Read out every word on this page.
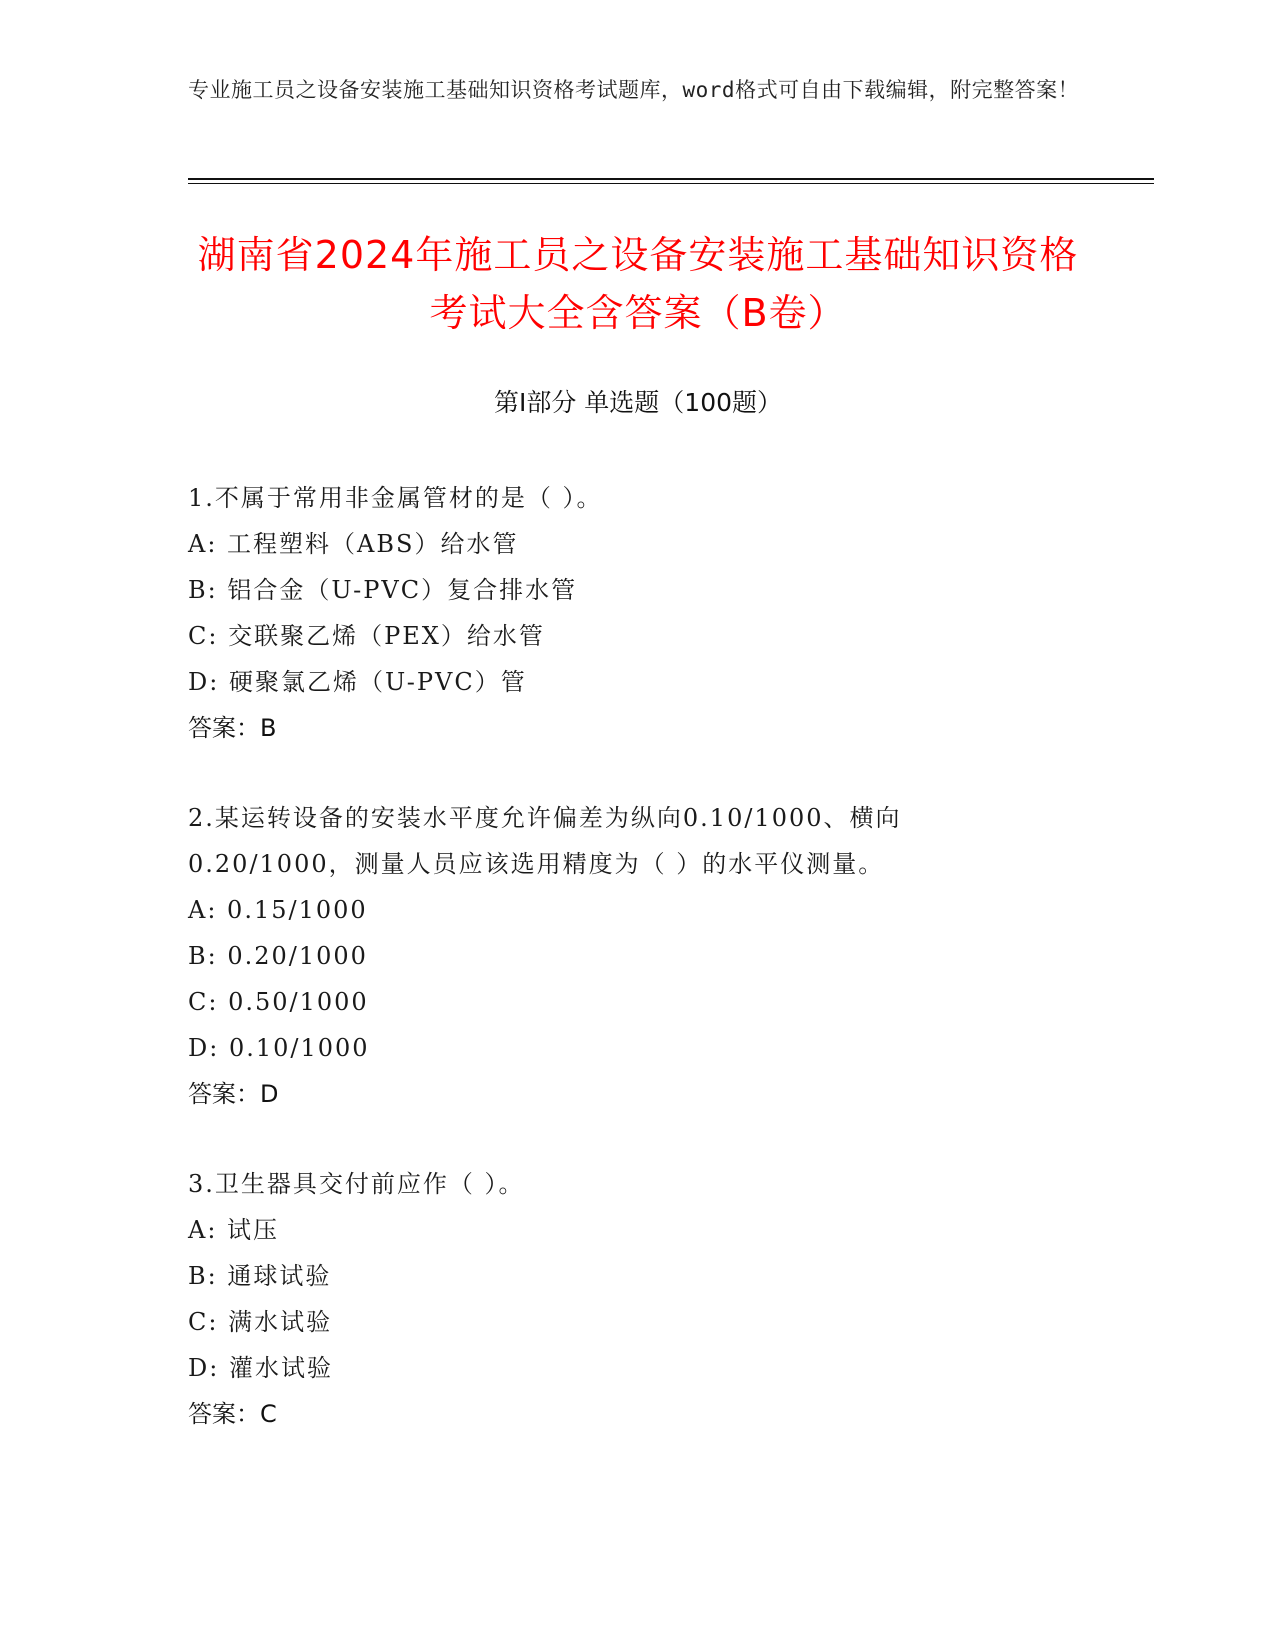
专业施工员之设备安装施工基础知识资格考试题库，word格式可自由下载编辑，附完整答案！
湖南省2024年施工员之设备安装施工基础知识资格考试大全含答案（B卷）
第I部分 单选题（100题）

1.不属于常用非金属管材的是（ ）。

A: 工程塑料（ABS）给水管

B: 铝合金（U-PVC）复合排水管

C: 交联聚乙烯（PEX）给水管

D: 硬聚氯乙烯（U-PVC）管

答案：B

2.某运转设备的安装水平度允许偏差为纵向0.10/1000、横向0.20/1000，测量人员应该选用精度为（ ）的水平仪测量。

A: 0.15/1000

B: 0.20/1000

C: 0.50/1000

D: 0.10/1000

答案：D

3.卫生器具交付前应作（ ）。

A: 试压

B: 通球试验

C: 满水试验

D: 灌水试验

答案：C
